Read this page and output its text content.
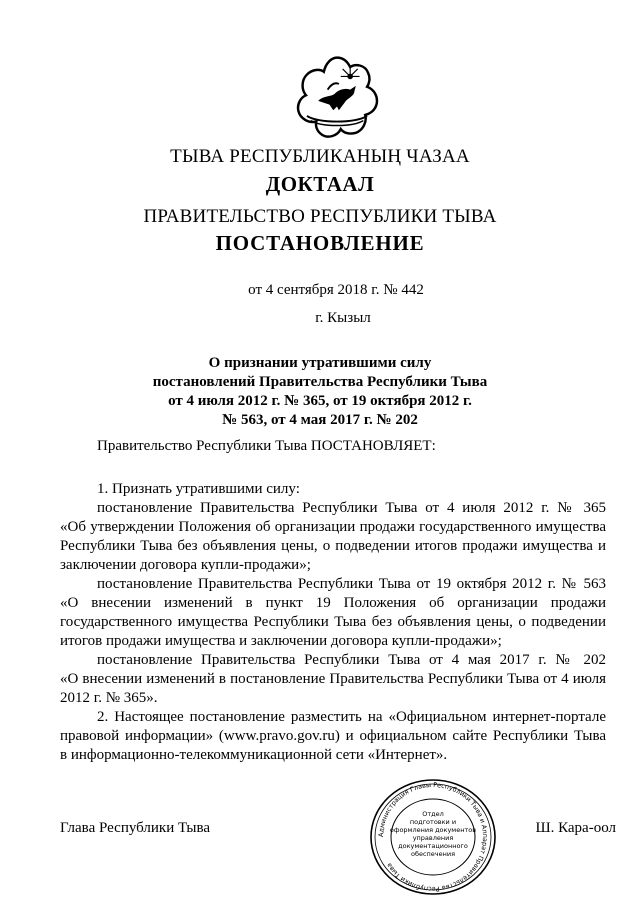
ТЫВА РЕСПУБЛИКАНЫҢ ЧАЗАА
ДОКТААЛ
ПРАВИТЕЛЬСТВО РЕСПУБЛИКИ ТЫВА
ПОСТАНОВЛЕНИЕ
от 4 сентября 2018 г. № 442
г. Кызыл
О признании утратившими силу
постановлений Правительства Республики Тыва
от 4 июля 2012 г. № 365, от 19 октября 2012 г.
№ 563, от 4 мая 2017 г. № 202
Правительство Республики Тыва ПОСТАНОВЛЯЕТ:
1. Признать утратившими силу:
постановление Правительства Республики Тыва от 4 июля 2012 г. № 365
«Об утверждении Положения об организации продажи государственного имущества
Республики Тыва без объявления цены, о подведении итогов продажи имущества и
заключении договора купли-продажи»;
постановление Правительства Республики Тыва от 19 октября 2012 г. № 563
«О внесении изменений в пункт 19 Положения об организации продажи
государственного имущества Республики Тыва без объявления цены, о подведении
итогов продажи имущества и заключении договора купли-продажи»;
постановление Правительства Республики Тыва от 4 мая 2017 г. № 202
«О внесении изменений в постановление Правительства Республики Тыва от 4 июля
2012 г. № 365».
2. Настоящее постановление разместить на «Официальном интернет-портале
правовой информации» (www.pravo.gov.ru) и официальном сайте Республики Тыва
в информационно-телекоммуникационной сети «Интернет».
Администрация Главы Республики Тыва и Аппарат Правительства Республики Тыва
Отдел
подготовки и
оформления документов
управления
документационного
обеспечения
Глава Республики Тыва	Ш. Кара-оол
